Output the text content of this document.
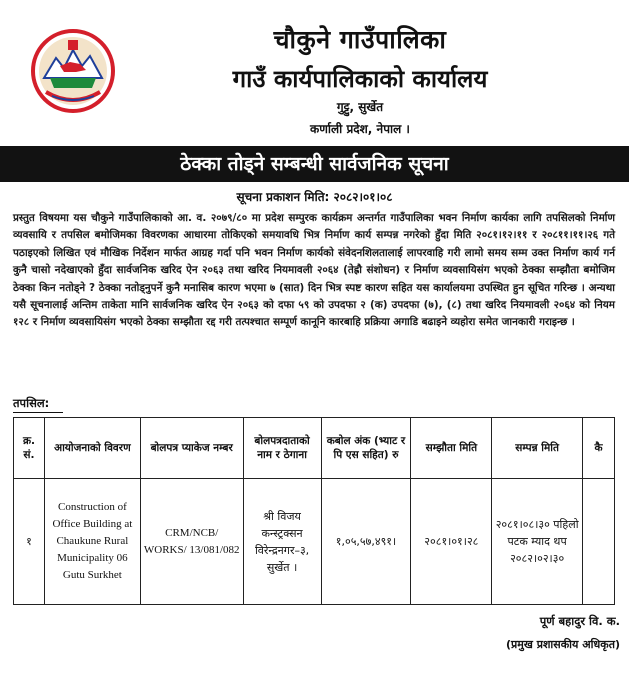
चौकुने गाउँपालिका
गाउँ कार्यपालिकाको कार्यालय
गुट्टु, सुर्खेत
कर्णाली प्रदेश, नेपाल ।
ठेक्का तोड्ने सम्बन्धी सार्वजनिक सूचना
सूचना प्रकाशन मिति: २०८२।०१।०८
प्रस्तुत विषयमा यस चौकुने गाउँपालिकाको आ. व. २०७९/८० मा प्रदेश सम्पुरक कार्यक्रम अन्तर्गत गाउँपालिका भवन निर्माण कार्यका लागि तपसिलको निर्माण व्यवसायि र तपसिल बमोजिमका विवरणका आधारमा तोकिएको समयावधि भित्र निर्माण कार्य सम्पन्न नगरेको हुँदा मिति २०८१।१२।११ र २०८११।११।२६ गते पठाइएको लिखित एवं मौखिक निर्देशन मार्फत आग्रह गर्दा पनि भवन निर्माण कार्यको संवेदनशिलतालाई लापरवाहि गरी लामो समय सम्म उक्त निर्माण कार्य गर्न कुनै चासो नदेखाएको हुँदा सार्वजनिक खरिद ऐन २०६३ तथा खरिद नियमावली २०६४ (तेह्रौ संशोधन) र निर्माण व्यवसायिसंग भएको ठेक्का सम्झौता बमोजिम ठेक्का किन नतोड्ने ? ठेक्का नतोड्नुपर्ने कुनै मनासिब कारण भएमा ७ (सात) दिन भित्र स्पष्ट कारण सहित यस कार्यालयमा उपस्थित हुन सूचित गरिन्छ । अन्यथा यसै सूचनालाई अन्तिम ताकेता मानि सार्वजनिक खरिद ऐन २०६३ को दफा ५९ को उपदफा २ (क) उपदफा (७), (८) तथा खरिद नियमावली २०६४ को नियम १२८ र निर्माण व्यवसायिसंग भएको ठेक्का सम्झौता रद्द गरी तत्पश्चात सम्पूर्ण कानूनि कारबाहि प्रक्रिया अगाडि बढाइने व्यहोरा समेत जानकारी गराइन्छ ।
तपसिल:
क्र. सं.	आयोजनाको विवरण	बोलपत्र प्याकेज नम्बर	बोलपत्रदाताको नाम र ठेगाना	कबोल अंक (भ्याट र पि एस सहित) रु	सम्झौता मिति	सम्पन्न मिति	कै
१	Construction of Office Building at Chaukune Rural Municipality 06 Gutu Surkhet	CRM/NCB/ WORKS/ 13/081/082	श्री विजय कन्स्ट्रक्सन विरेन्द्रनगर–३, सुर्खेत ।	१,०५,५७,४९१।	२०८१।०१।२८	२०८१।०८।३० पहिलो पटक म्याद थप २०८२।०२।३०	
पूर्ण बहादुर वि. क.
(प्रमुख प्रशासकीय अधिकृत)
